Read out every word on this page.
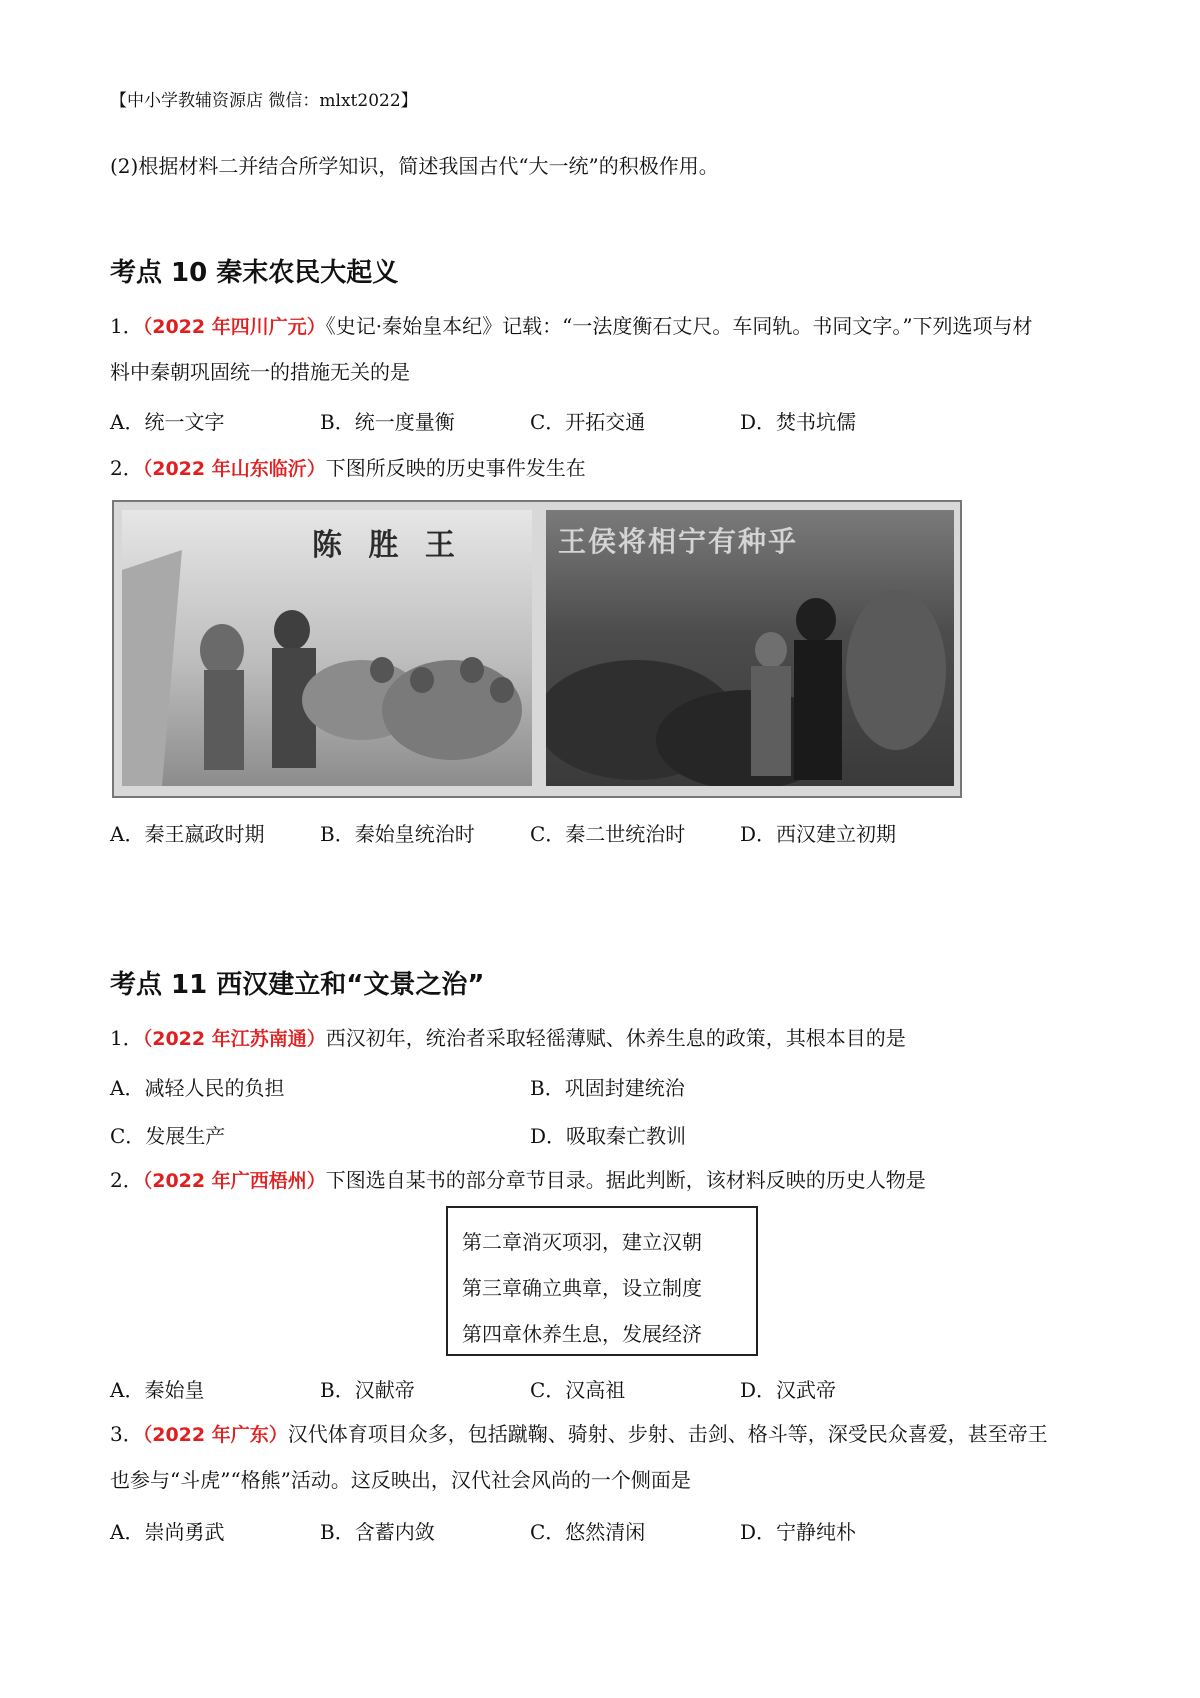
【中小学教辅资源店 微信：mlxt2022】
(2)根据材料二并结合所学知识，简述我国古代“大一统”的积极作用。
考点 10 秦末农民大起义
1．（2022 年四川广元）《史记·秦始皇本纪》记载：“一法度衡石丈尺。车同轨。书同文字。”下列选项与材
料中秦朝巩固统一的措施无关的是
A．统一文字	B．统一度量衡	C．开拓交通	D．焚书坑儒
2．（2022 年山东临沂）下图所反映的历史事件发生在
陈 胜 王	王侯将相宁有种乎
A．秦王嬴政时期	B．秦始皇统治时	C．秦二世统治时	D．西汉建立初期
考点 11 西汉建立和“文景之治”
1．（2022 年江苏南通）西汉初年，统治者采取轻徭薄赋、休养生息的政策，其根本目的是
A．减轻人民的负担	B．巩固封建统治
C．发展生产	D．吸取秦亡教训
2．（2022 年广西梧州）下图选自某书的部分章节目录。据此判断，该材料反映的历史人物是
第二章消灭项羽，建立汉朝
第三章确立典章，设立制度
第四章休养生息，发展经济
A．秦始皇	B．汉献帝	C．汉高祖	D．汉武帝
3．（2022 年广东）汉代体育项目众多，包括蹴鞠、骑射、步射、击剑、格斗等，深受民众喜爱，甚至帝王
也参与“斗虎”“格熊”活动。这反映出，汉代社会风尚的一个侧面是
A．崇尚勇武	B．含蓄内敛	C．悠然清闲	D．宁静纯朴
